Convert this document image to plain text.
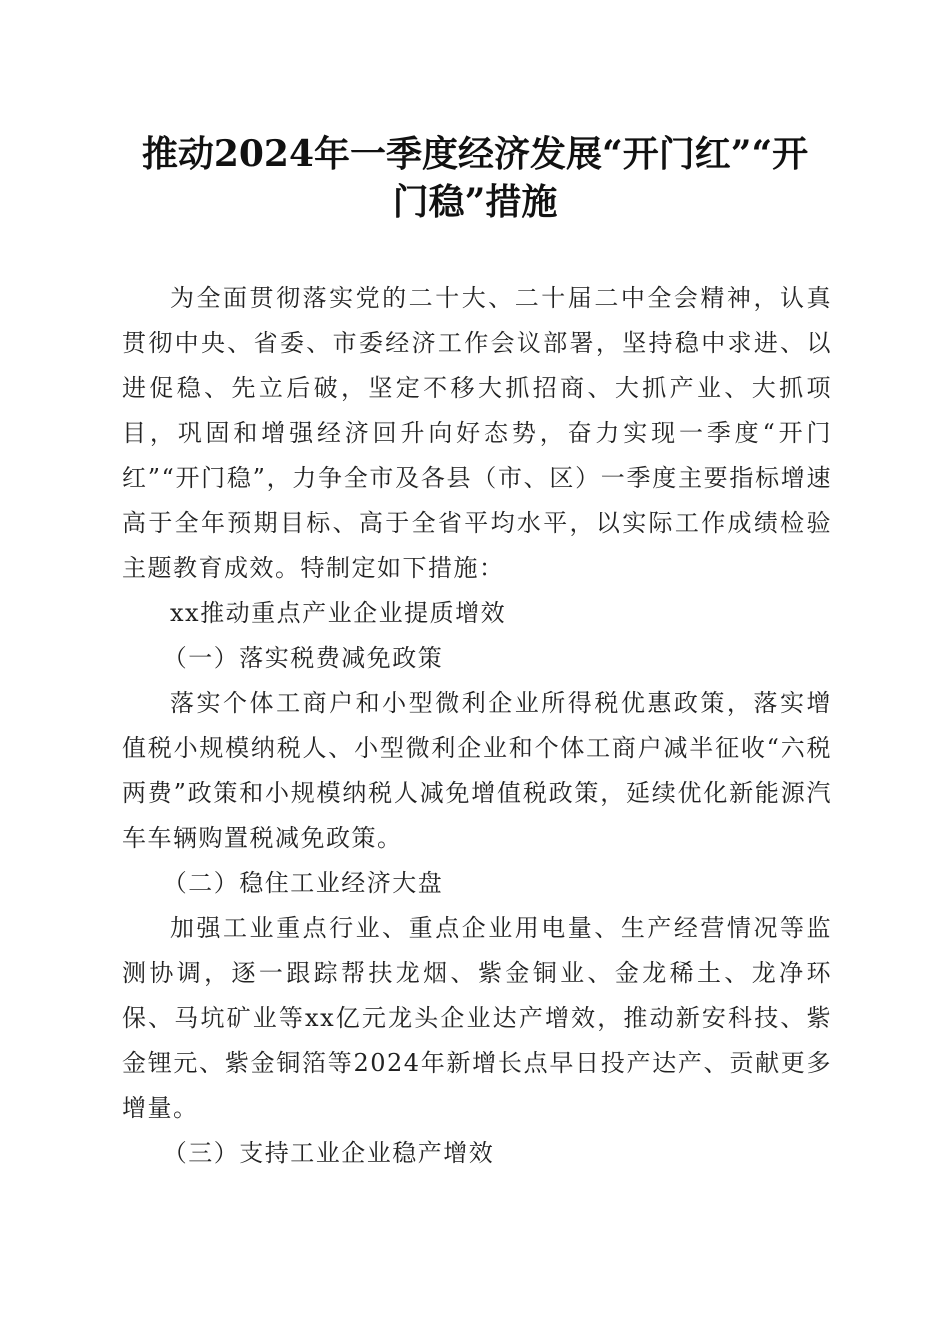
推动2024年一季度经济发展“开门红”“开
门稳”措施

为全面贯彻落实党的二十大、二十届二中全会精神，认真贯彻中央、省委、市委经济工作会议部署，坚持稳中求进、以进促稳、先立后破，坚定不移大抓招商、大抓产业、大抓项目，巩固和增强经济回升向好态势，奋力实现一季度“开门红”“开门稳”，力争全市及各县（市、区）一季度主要指标增速高于全年预期目标、高于全省平均水平，以实际工作成绩检验主题教育成效。特制定如下措施：

xx推动重点产业企业提质增效

（一）落实税费减免政策

落实个体工商户和小型微利企业所得税优惠政策，落实增值税小规模纳税人、小型微利企业和个体工商户减半征收“六税两费”政策和小规模纳税人减免增值税政策，延续优化新能源汽车车辆购置税减免政策。

（二）稳住工业经济大盘

加强工业重点行业、重点企业用电量、生产经营情况等监测协调，逐一跟踪帮扶龙烟、紫金铜业、金龙稀土、龙净环保、马坑矿业等xx亿元龙头企业达产增效，推动新安科技、紫金锂元、紫金铜箔等2024年新增长点早日投产达产、贡献更多增量。

（三）支持工业企业稳产增效
